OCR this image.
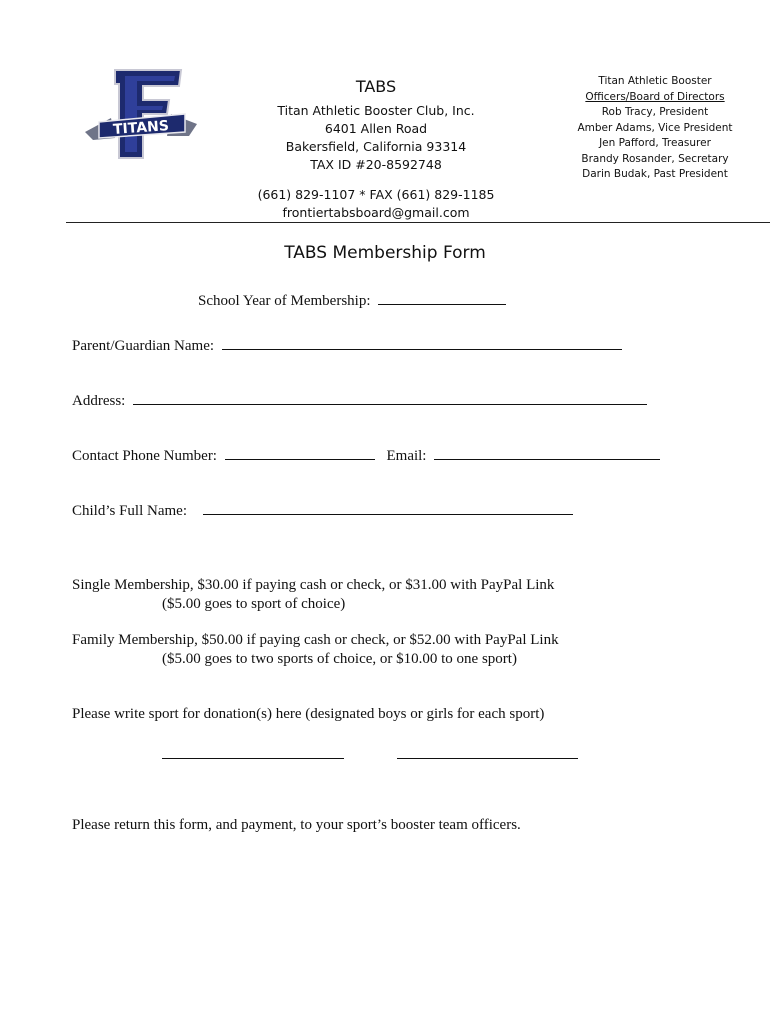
TITANS
TABS
Titan Athletic Booster Club, Inc.
6401 Allen Road
Bakersfield, California 93314
TAX ID #20-8592748
(661) 829-1107 * FAX (661) 829-1185
frontiertabsboard@gmail.com
Titan Athletic Booster
Officers/Board of Directors
Rob Tracy, President
Amber Adams, Vice President
Jen Pafford, Treasurer
Brandy Rosander, Secretary
Darin Budak, Past President
TABS Membership Form
School Year of Membership:
Parent/Guardian Name:
Address:
Contact Phone Number:	Email:
Child’s Full Name:
Single Membership, $30.00 if paying cash or check, or $31.00 with PayPal Link
($5.00 goes to sport of choice)
Family Membership, $50.00 if paying cash or check, or $52.00 with PayPal Link
($5.00 goes to two sports of choice, or $10.00 to one sport)
Please write sport for donation(s) here (designated boys or girls for each sport)
Please return this form, and payment, to your sport’s booster team officers.
